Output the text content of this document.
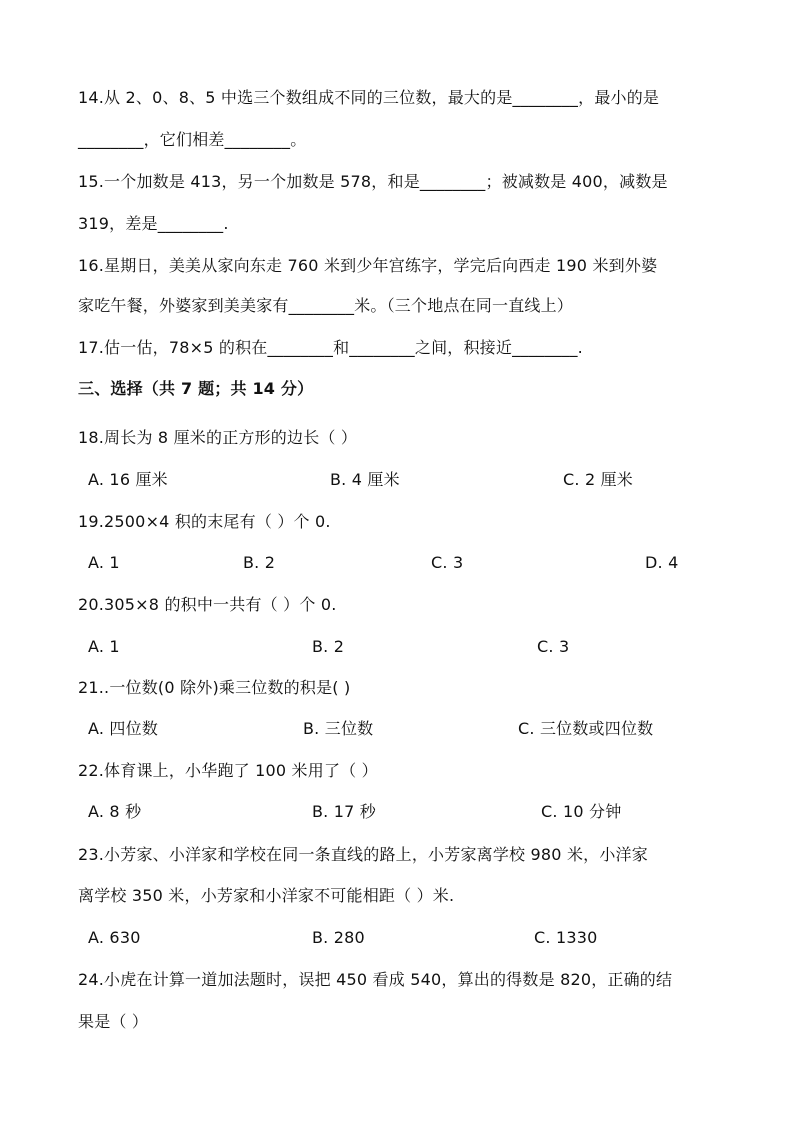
14.从 2、0、8、5 中选三个数组成不同的三位数，最大的是________，最小的是
________，它们相差________。
15.一个加数是 413，另一个加数是 578，和是________；被减数是 400，减数是
319，差是________.
16.星期日，美美从家向东走 760 米到少年宫练字，学完后向西走 190 米到外婆
家吃午餐，外婆家到美美家有________米。（三个地点在同一直线上）
17.估一估，78×5 的积在________和________之间，积接近________.
三、选择（共 7 题；共 14 分）
18.周长为 8 厘米的正方形的边长（ ）
A. 16 厘米	B. 4 厘米	C. 2 厘米
19.2500×4 积的末尾有（ ）个 0.
A. 1	B. 2	C. 3	D. 4
20.305×8 的积中一共有（ ）个 0.
A. 1	B. 2	C. 3
21..一位数(0 除外)乘三位数的积是( )
A. 四位数	B. 三位数	C. 三位数或四位数
22.体育课上，小华跑了 100 米用了（ ）
A. 8 秒	B. 17 秒	C. 10 分钟
23.小芳家、小洋家和学校在同一条直线的路上，小芳家离学校 980 米，小洋家
离学校 350 米，小芳家和小洋家不可能相距（ ）米.
A. 630	B. 280	C. 1330
24.小虎在计算一道加法题时，误把 450 看成 540，算出的得数是 820，正确的结
果是（ ）
